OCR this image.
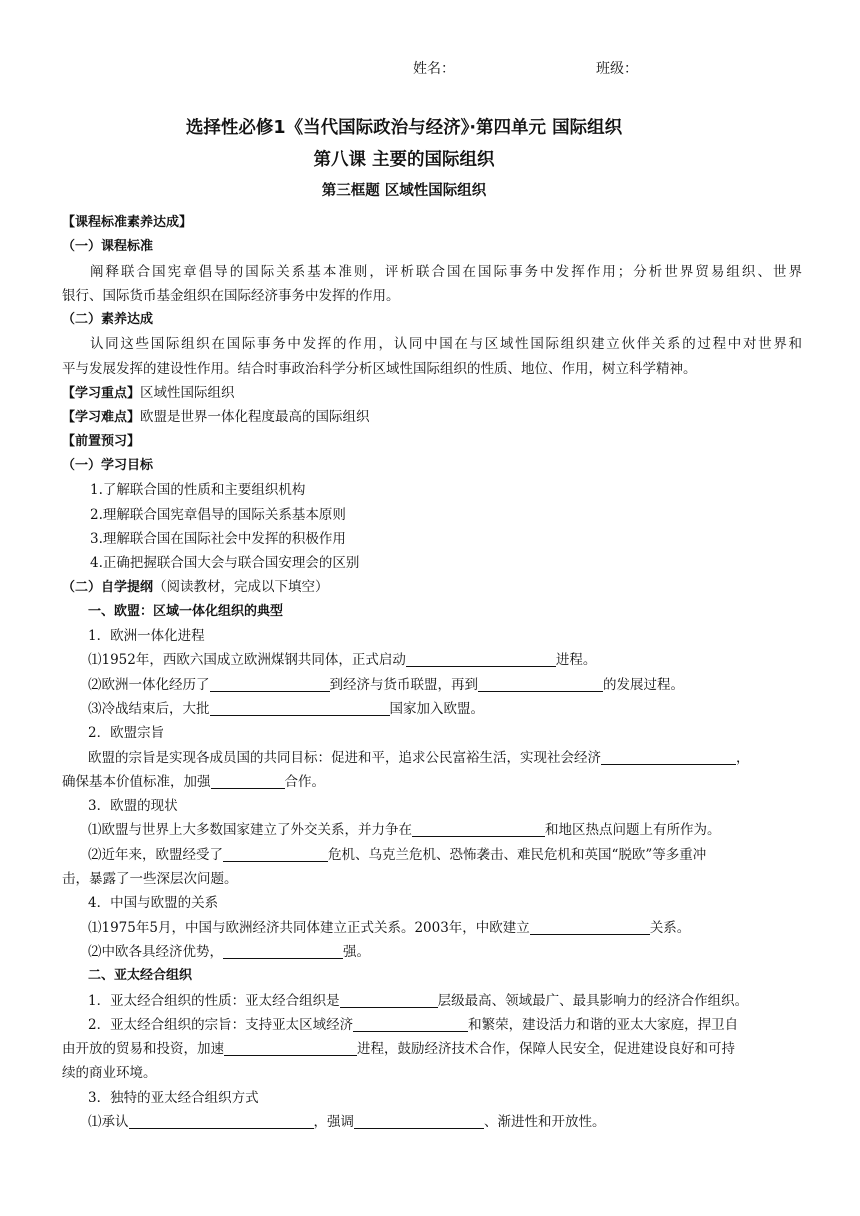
姓名：	班级：
选择性必修1《当代国际政治与经济》·第四单元 国际组织
第八课 主要的国际组织
第三框题 区域性国际组织
【课程标准素养达成】
（一）课程标准
阐释联合国宪章倡导的国际关系基本准则，评析联合国在国际事务中发挥作用；分析世界贸易组织、世界
银行、国际货币基金组织在国际经济事务中发挥的作用。
（二）素养达成
认同这些国际组织在国际事务中发挥的作用，认同中国在与区域性国际组织建立伙伴关系的过程中对世界和
平与发展发挥的建设性作用。结合时事政治科学分析区域性国际组织的性质、地位、作用，树立科学精神。
【学习重点】区域性国际组织
【学习难点】欧盟是世界一体化程度最高的国际组织
【前置预习】
（一）学习目标
1.了解联合国的性质和主要组织机构
2.理解联合国宪章倡导的国际关系基本原则
3.理解联合国在国际社会中发挥的积极作用
4.正确把握联合国大会与联合国安理会的区别
（二）自学提纲（阅读教材，完成以下填空）
一、欧盟：区域一体化组织的典型
1．欧洲一体化进程
⑴1952年，西欧六国成立欧洲煤钢共同体，正式启动	进程。
⑵欧洲一体化经历了	到经济与货币联盟，再到	的发展过程。
⑶冷战结束后，大批	国家加入欧盟。
2．欧盟宗旨
欧盟的宗旨是实现各成员国的共同目标：促进和平，追求公民富裕生活，实现社会经济	，
确保基本价值标准，加强	合作。
3．欧盟的现状
⑴欧盟与世界上大多数国家建立了外交关系，并力争在	和地区热点问题上有所作为。
⑵近年来，欧盟经受了	危机、乌克兰危机、恐怖袭击、难民危机和英国“脱欧”等多重冲
击，暴露了一些深层次问题。
4．中国与欧盟的关系
⑴1975年5月，中国与欧洲经济共同体建立正式关系。2003年，中欧建立	关系。
⑵中欧各具经济优势，	强。
二、亚太经合组织
1．亚太经合组织的性质：亚太经合组织是	层级最高、领域最广、最具影响力的经济合作组织。
2．亚太经合组织的宗旨：支持亚太区域经济	和繁荣，建设活力和谐的亚太大家庭，捍卫自
由开放的贸易和投资，加速	进程，鼓励经济技术合作，保障人民安全，促进建设良好和可持
续的商业环境。
3．独特的亚太经合组织方式
⑴承认	，强调	、渐进性和开放性。
